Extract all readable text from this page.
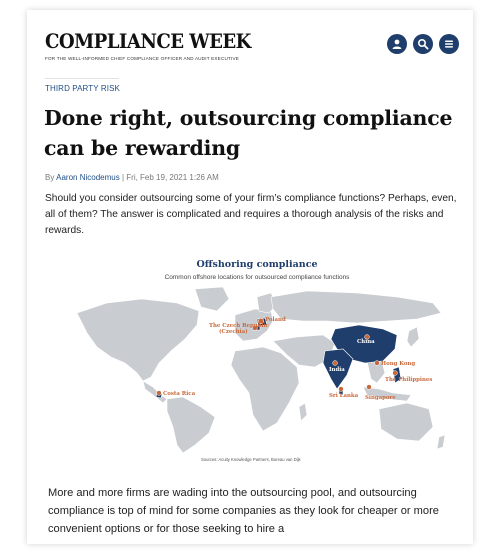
COMPLIANCE WEEK
FOR THE WELL-INFORMED CHIEF COMPLIANCE OFFICER AND AUDIT EXECUTIVE
THIRD PARTY RISK
Done right, outsourcing compliance can be rewarding
By Aaron Nicodemus | Fri, Feb 19, 2021 1:26 AM

Should you consider outsourcing some of your firm’s compliance functions? Perhaps, even, all of them? The answer is complicated and requires a thorough analysis of the risks and rewards.

Offshoring compliance
Common offshore locations for outsourced compliance functions
Poland
The Czech Republic (Czechia)
China
India
Hong Kong
The Philippines
Sri Lanka Singapore
Costa Rica
Sources: Acuity Knowledge Partners, Bureau van Dijk

More and more firms are wading into the outsourcing pool, and outsourcing compliance is top of mind for some companies as they look for cheaper or more convenient options or for those seeking to hire a
